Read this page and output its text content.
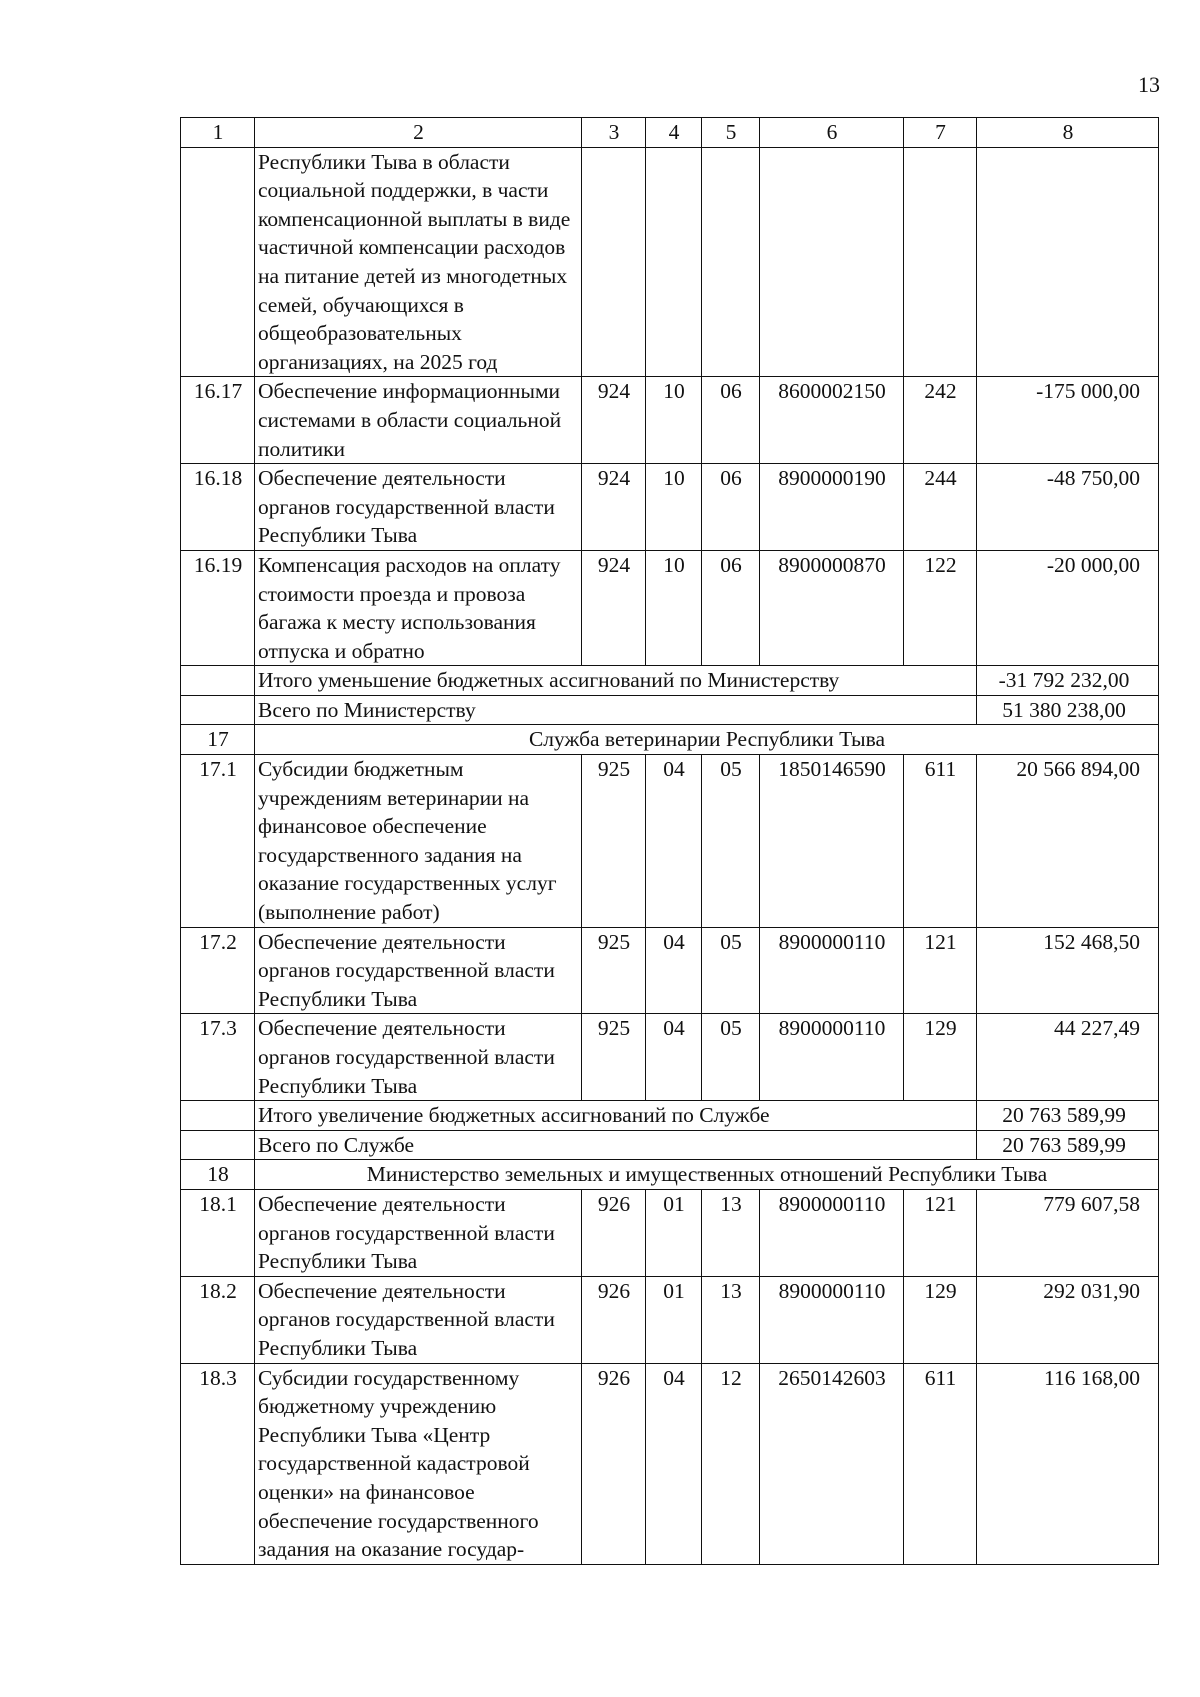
13
1	2	3	4	5	6	7	8
	Республики Тыва в области социальной поддержки, в части компенсационной выплаты в виде частичной компенсации расходов на питание детей из многодетных семей, обучающихся в общеобразовательных организациях, на 2025 год						
16.17	Обеспечение информационными системами в области социальной политики	924	10	06	8600002150	242	-175 000,00
16.18	Обеспечение деятельности органов государственной власти Республики Тыва	924	10	06	8900000190	244	-48 750,00
16.19	Компенсация расходов на оплату стоимости проезда и провоза багажа к месту использования отпуска и обратно	924	10	06	8900000870	122	-20 000,00
	Итого уменьшение бюджетных ассигнований по Министерству						-31 792 232,00
	Всего по Министерству						51 380 238,00
17	Служба ветеринарии Республики Тыва						
17.1	Субсидии бюджетным учреждениям ветеринарии на финансовое обеспечение государственного задания на оказание государственных услуг (выполнение работ)	925	04	05	1850146590	611	20 566 894,00
17.2	Обеспечение деятельности органов государственной власти Республики Тыва	925	04	05	8900000110	121	152 468,50
17.3	Обеспечение деятельности органов государственной власти Республики Тыва	925	04	05	8900000110	129	44 227,49
	Итого увеличение бюджетных ассигнований по Службе						20 763 589,99
	Всего по Службе						20 763 589,99
18	Министерство земельных и имущественных отношений Республики Тыва						
18.1	Обеспечение деятельности органов государственной власти Республики Тыва	926	01	13	8900000110	121	779 607,58
18.2	Обеспечение деятельности органов государственной власти Республики Тыва	926	01	13	8900000110	129	292 031,90
18.3	Субсидии государственному бюджетному учреждению Республики Тыва «Центр государственной кадастровой оценки» на финансовое обеспечение государственного задания на оказание государ-	926	04	12	2650142603	611	116 168,00
